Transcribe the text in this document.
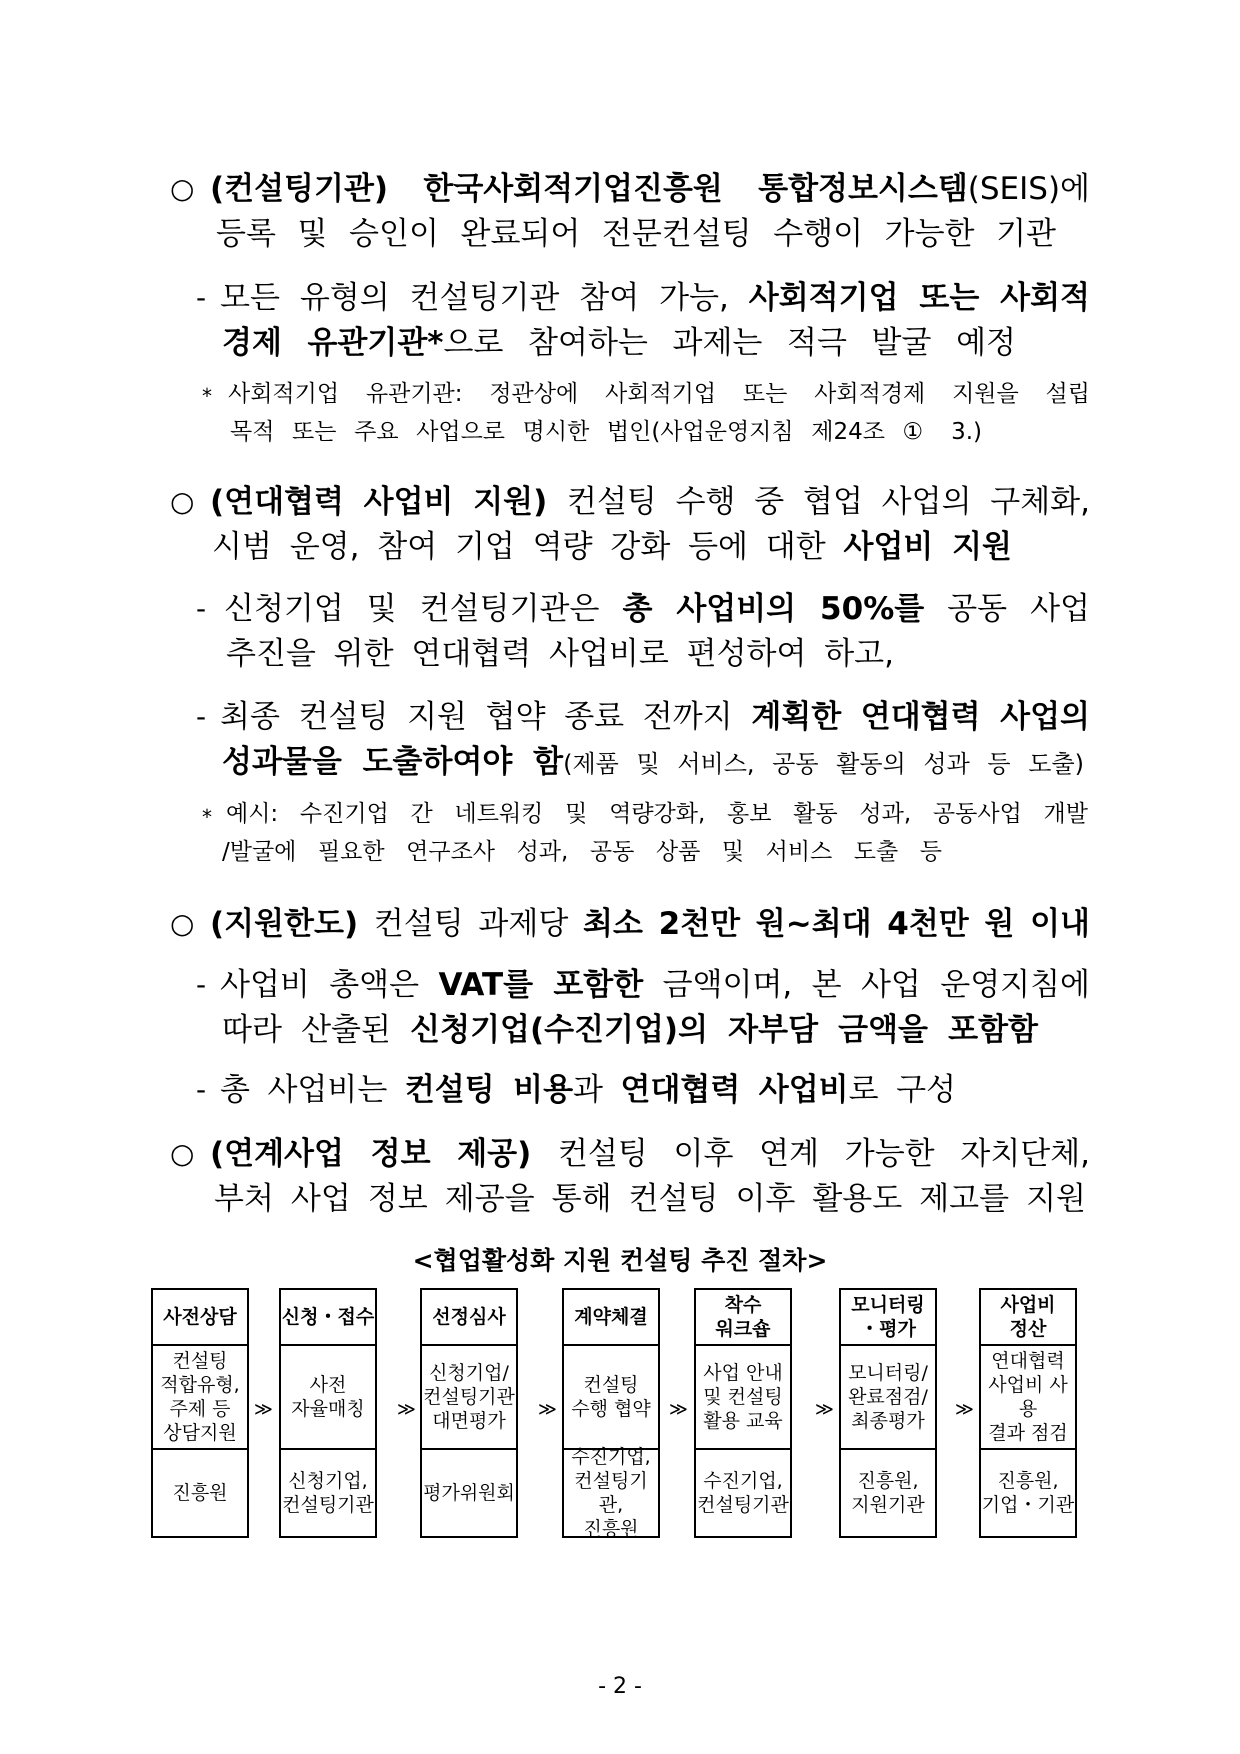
○ (컨설팅기관) 한국사회적기업진흥원 통합정보시스템(SEIS)에
등록 및 승인이 완료되어 전문컨설팅 수행이 가능한 기관
- 모든 유형의 컨설팅기관 참여 가능, 사회적기업 또는 사회적
경제 유관기관*으로 참여하는 과제는 적극 발굴 예정
* 사회적기업 유관기관: 정관상에 사회적기업 또는 사회적경제 지원을 설립
목적 또는 주요 사업으로 명시한 법인(사업운영지침 제24조 ① 3.)
○ (연대협력 사업비 지원) 컨설팅 수행 중 협업 사업의 구체화,
시범 운영, 참여 기업 역량 강화 등에 대한 사업비 지원
- 신청기업 및 컨설팅기관은 총 사업비의 50%를 공동 사업
추진을 위한 연대협력 사업비로 편성하여 하고,
- 최종 컨설팅 지원 협약 종료 전까지 계획한 연대협력 사업의
성과물을 도출하여야 함(제품 및 서비스, 공동 활동의 성과 등 도출)
* 예시: 수진기업 간 네트워킹 및 역량강화, 홍보 활동 성과, 공동사업 개발
/발굴에 필요한 연구조사 성과, 공동 상품 및 서비스 도출 등
○ (지원한도) 컨설팅 과제당 최소 2천만 원~최대 4천만 원 이내
- 사업비 총액은 VAT를 포함한 금액이며, 본 사업 운영지침에
따라 산출된 신청기업(수진기업)의 자부담 금액을 포함함
- 총 사업비는 컨설팅 비용과 연대협력 사업비로 구성
○ (연계사업 정보 제공) 컨설팅 이후 연계 가능한 자치단체,
부처 사업 정보 제공을 통해 컨설팅 이후 활용도 제고를 지원
<협업활성화 지원 컨설팅 추진 절차>
사전상담
컨설팅
적합유형,
주제 등
상담지원
진흥원
≫
신청・접수
사전
자율매칭
신청기업,
컨설팅기관
≫
선정심사
신청기업/
컨설팅기관
대면평가
평가위원회
≫
계약체결
컨설팅
수행 협약
수진기업,
컨설팅기관,
진흥원
≫
착수
워크숍
사업 안내
및 컨설팅
활용 교육
수진기업,
컨설팅기관
≫
모니터링
・평가
모니터링/
완료점검/
최종평가
진흥원,
지원기관
≫
사업비
정산
연대협력
사업비 사용
결과 점검
진흥원,
기업・기관
- 2 -
